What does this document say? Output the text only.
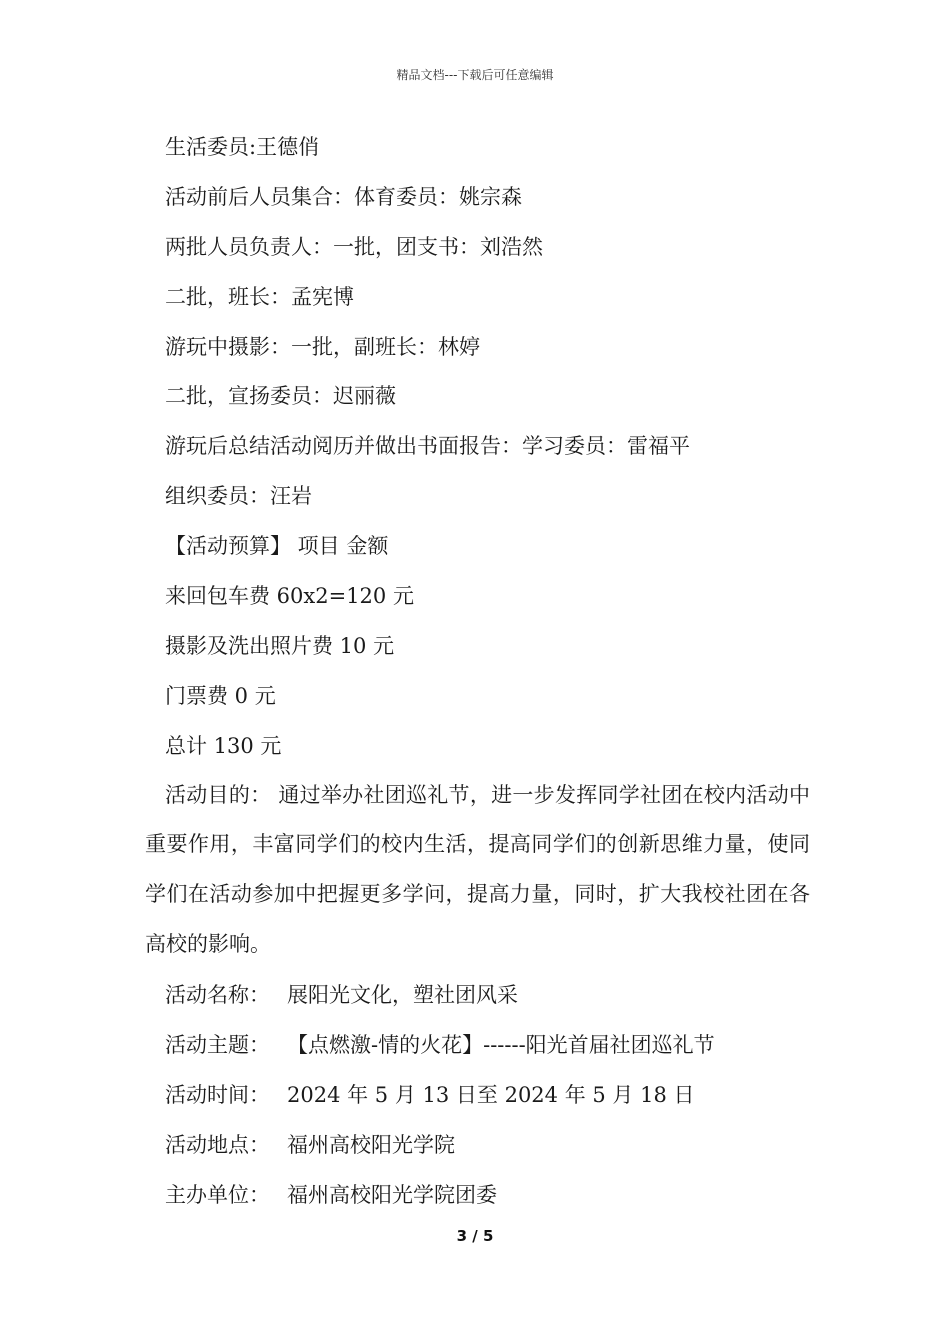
精品文档---下载后可任意编辑
生活委员:王德俏
活动前后人员集合：体育委员：姚宗森
两批人员负责人：一批，团支书：刘浩然
二批，班长：孟宪博
游玩中摄影：一批，副班长：林婷
二批，宣扬委员：迟丽薇
游玩后总结活动阅历并做出书面报告：学习委员：雷福平
组织委员：汪岩
【活动预算】 项目 金额
来回包车费 60x2=120 元
摄影及洗出照片费 10 元
门票费 0 元
总计 130 元
活动目的： 通过举办社团巡礼节，进一步发挥同学社团在校内活动中重要作用，丰富同学们的校内生活，提高同学们的创新思维力量，使同学们在活动参加中把握更多学问，提高力量，同时，扩大我校社团在各高校的影响。
活动名称： 展阳光文化，塑社团风采
活动主题： 【点燃激-情的火花】------阳光首届社团巡礼节
活动时间： 2024 年 5 月 13 日至 2024 年 5 月 18 日
活动地点： 福州高校阳光学院
主办单位： 福州高校阳光学院团委
3 / 5
